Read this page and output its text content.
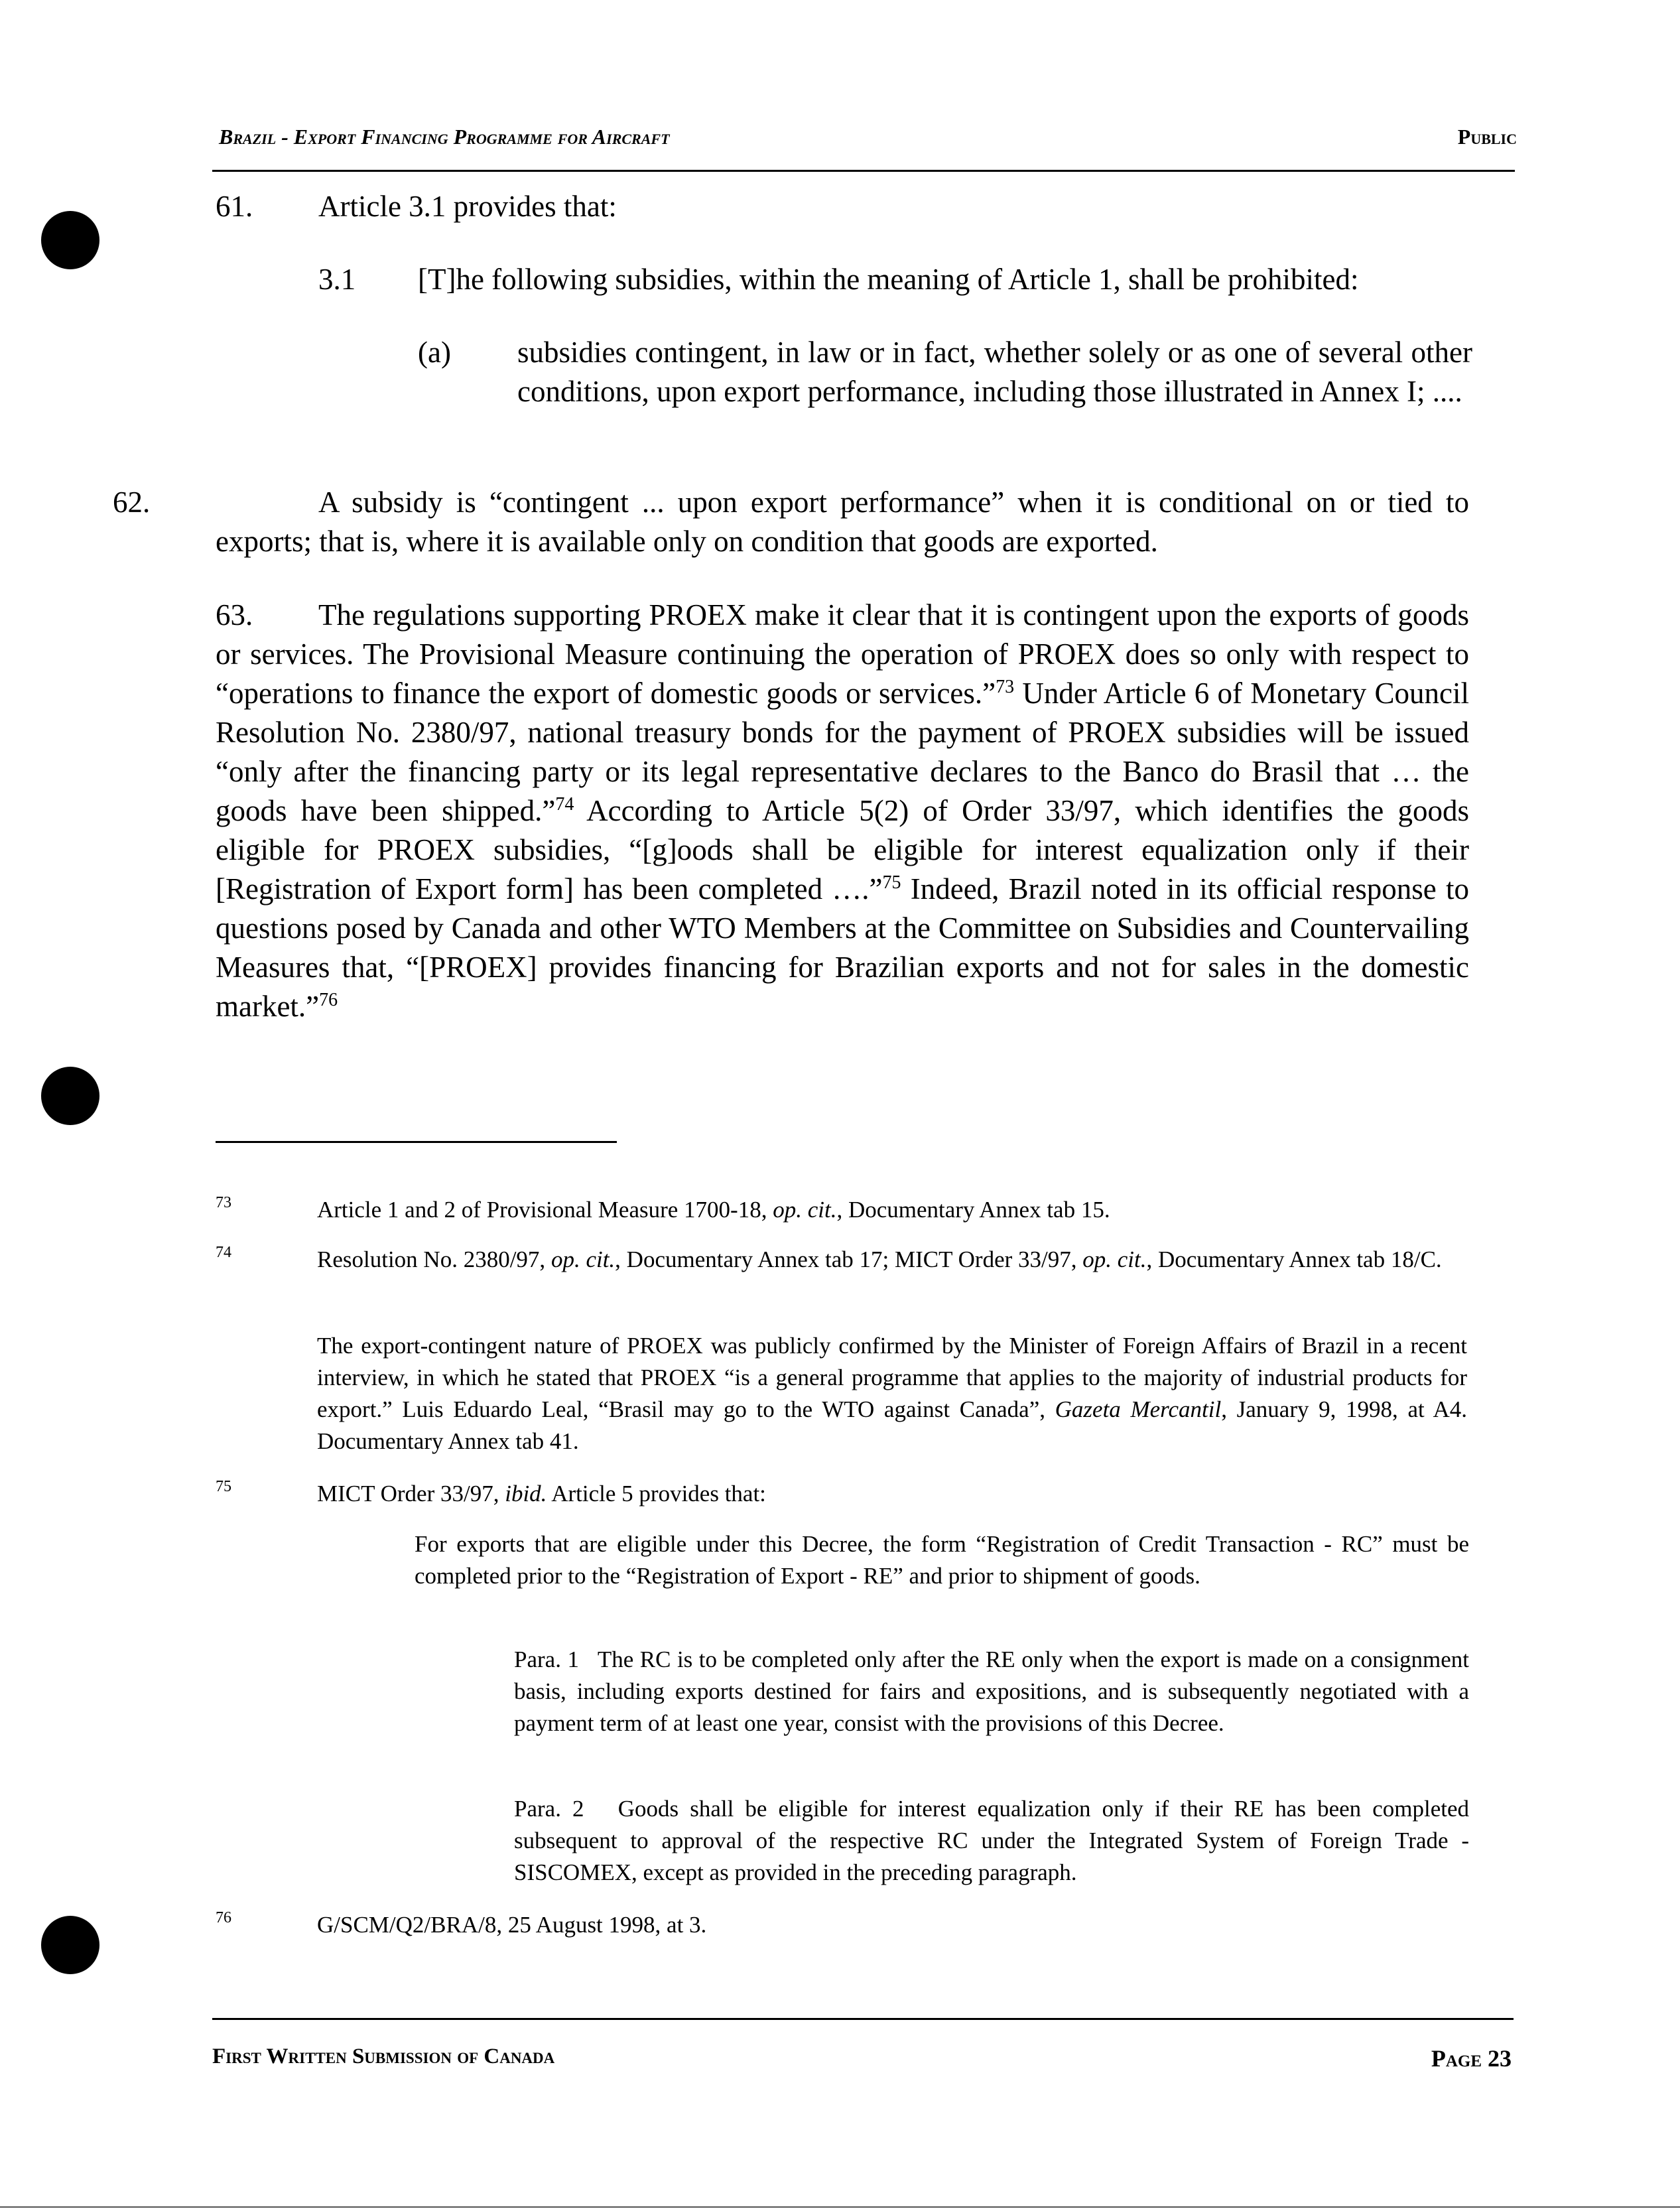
Brazil - Export Financing Programme for Aircraft	Public
61. Article 3.1 provides that:
3.1 [T]he following subsidies, within the meaning of Article 1, shall be prohibited:
(a) subsidies contingent, in law or in fact, whether solely or as one of several other conditions, upon export performance, including those illustrated in Annex I; ....

62.	A subsidy is “contingent ... upon export performance” when it is conditional on or tied to exports; that is, where it is available only on condition that goods are exported.

63. The regulations supporting PROEX make it clear that it is contingent upon the exports of goods or services. The Provisional Measure continuing the operation of PROEX does so only with respect to “operations to finance the export of domestic goods or services.”$^{73}$ Under Article 6 of Monetary Council Resolution No. 2380/97, national treasury bonds for the payment of PROEX subsidies will be issued “only after the financing party or its legal representative declares to the Banco do Brasil that … the goods have been shipped.”$^{74}$ According to Article 5(2) of Order 33/97, which identifies the goods eligible for PROEX subsidies, “[g]oods shall be eligible for interest equalization only if their [Registration of Export form] has been completed ….”$^{75}$ Indeed, Brazil noted in its official response to questions posed by Canada and other WTO Members at the Committee on Subsidies and Countervailing Measures that, “[PROEX] provides financing for Brazilian exports and not for sales in the domestic market.”$^{76}$

73	Article 1 and 2 of Provisional Measure 1700-18, op. cit., Documentary Annex tab 15.

74	Resolution No. 2380/97, op. cit., Documentary Annex tab 17; MICT Order 33/97, op. cit., Documentary Annex tab 18/C.

The export-contingent nature of PROEX was publicly confirmed by the Minister of Foreign Affairs of Brazil in a recent interview, in which he stated that PROEX “is a general programme that applies to the majority of industrial products for export.” Luis Eduardo Leal, “Brasil may go to the WTO against Canada”, Gazeta Mercantil, January 9, 1998, at A4. Documentary Annex tab 41.

75	MICT Order 33/97, ibid. Article 5 provides that:

For exports that are eligible under this Decree, the form “Registration of Credit Transaction - RC” must be completed prior to the “Registration of Export - RE” and prior to shipment of goods.

Para. 1   The RC is to be completed only after the RE only when the export is made on a consignment basis, including exports destined for fairs and expositions, and is subsequently negotiated with a payment term of at least one year, consist with the provisions of this Decree.

Para. 2   Goods shall be eligible for interest equalization only if their RE has been completed subsequent to approval of the respective RC under the Integrated System of Foreign Trade - SISCOMEX, except as provided in the preceding paragraph.

76	G/SCM/Q2/BRA/8, 25 August 1998, at 3.

First Written Submission of Canada	Page 23
